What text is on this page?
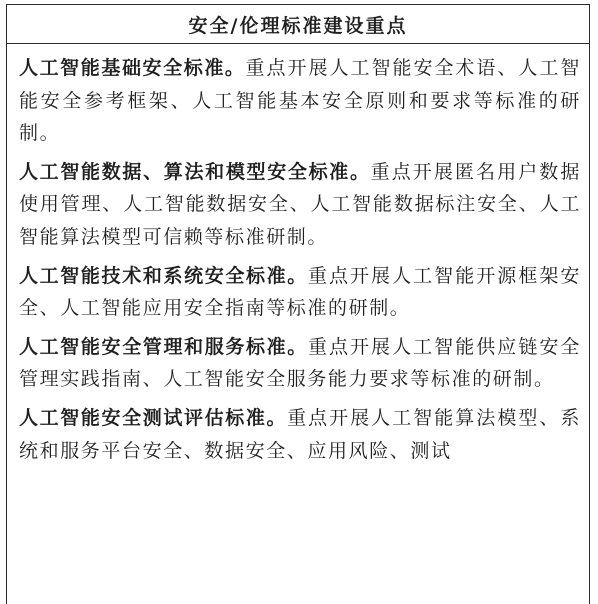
安全/伦理标准建设重点

人工智能基础安全标准。重点开展人工智能安全术语、人工智能安全参考框架、人工智能基本安全原则和要求等标准的研制。

人工智能数据、算法和模型安全标准。重点开展匿名用户数据使用管理、人工智能数据安全、人工智能数据标注安全、人工智能算法模型可信赖等标准研制。

人工智能技术和系统安全标准。重点开展人工智能开源框架安全、人工智能应用安全指南等标准的研制。

人工智能安全管理和服务标准。重点开展人工智能供应链安全管理实践指南、人工智能安全服务能力要求等标准的研制。

人工智能安全测试评估标准。重点开展人工智能算法模型、系统和服务平台安全、数据安全、应用风险、测试
